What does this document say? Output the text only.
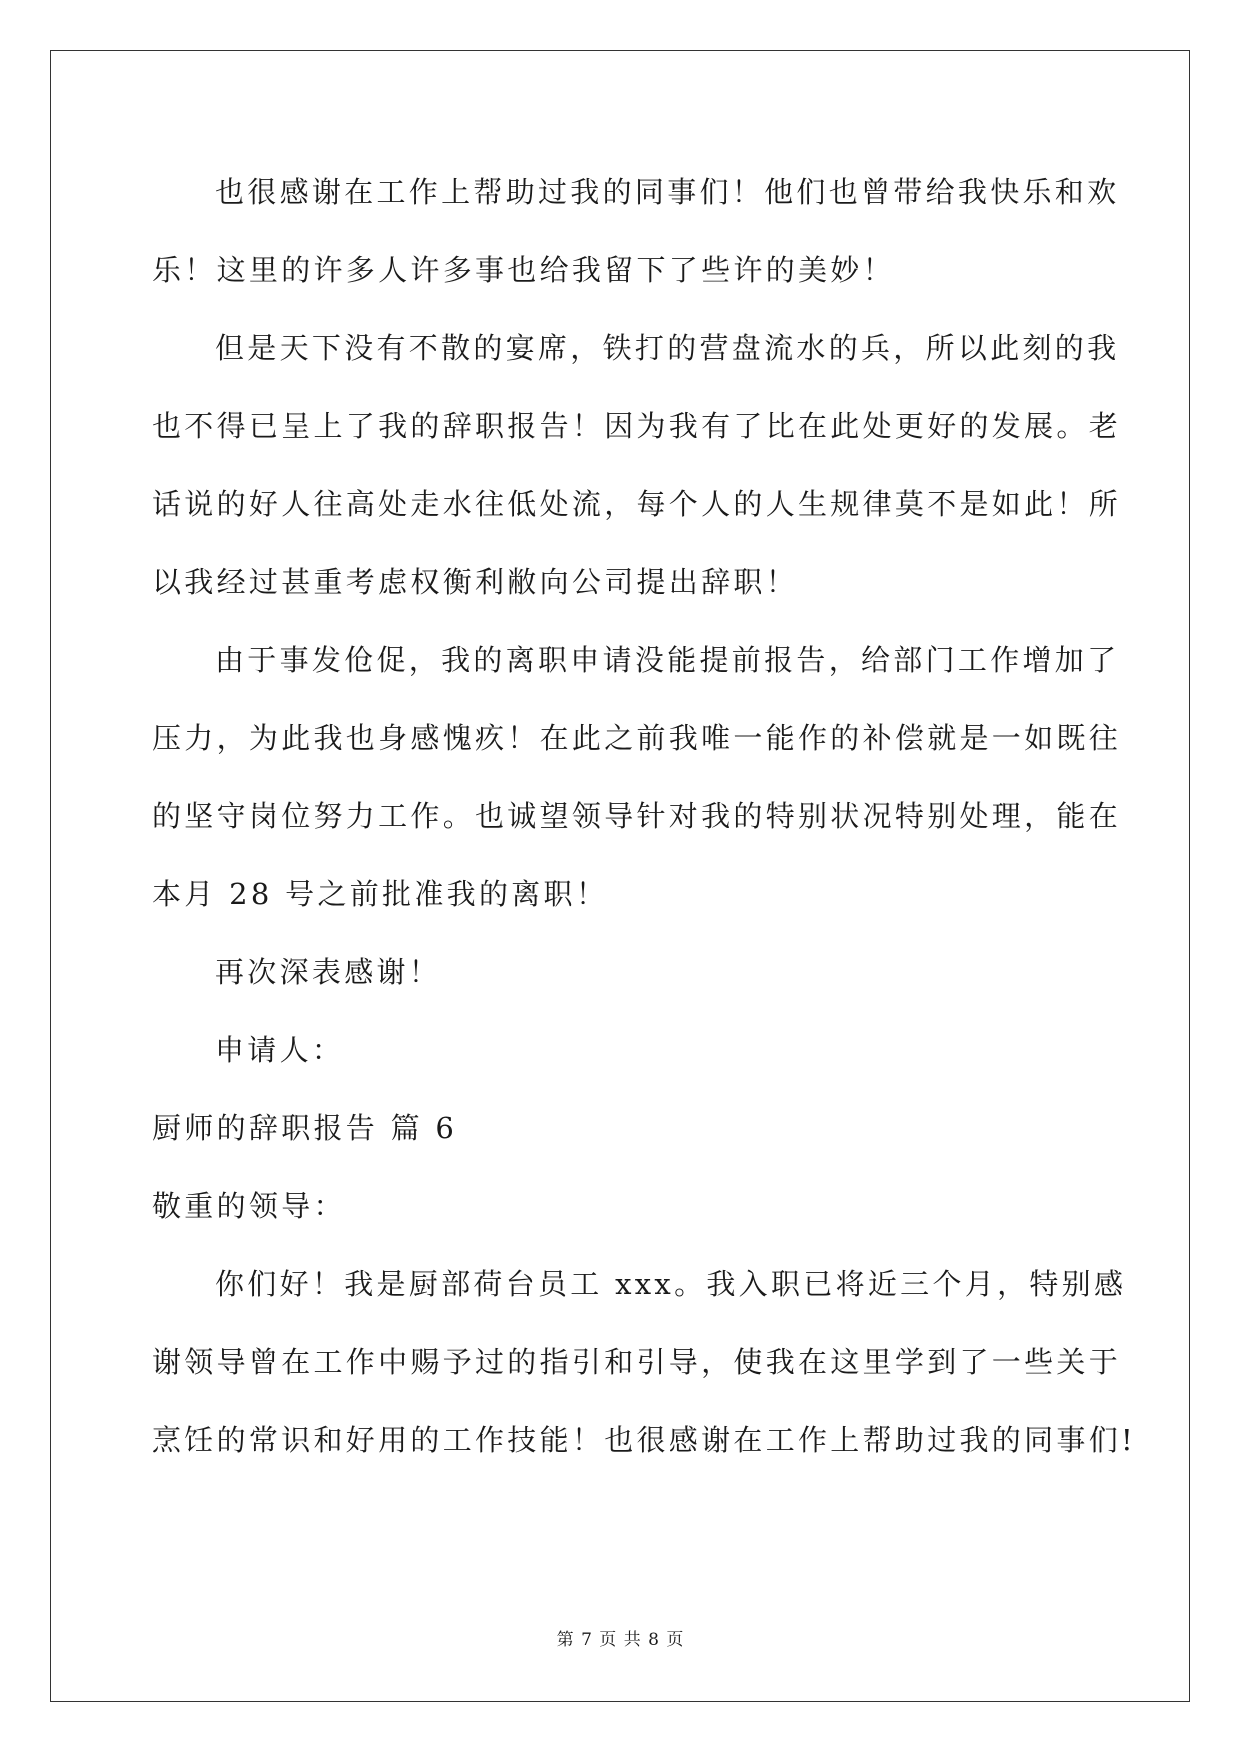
也很感谢在工作上帮助过我的同事们！他们也曾带给我快乐和欢
乐！这里的许多人许多事也给我留下了些许的美妙！
但是天下没有不散的宴席，铁打的营盘流水的兵，所以此刻的我
也不得已呈上了我的辞职报告！因为我有了比在此处更好的发展。老
话说的好人往高处走水往低处流，每个人的人生规律莫不是如此！所
以我经过甚重考虑权衡利敝向公司提出辞职！
由于事发伧促，我的离职申请没能提前报告，给部门工作增加了
压力，为此我也身感愧疚！在此之前我唯一能作的补偿就是一如既往
的坚守岗位努力工作。也诚望领导针对我的特别状况特别处理，能在
本月 28 号之前批准我的离职！
再次深表感谢！
申请人：
厨师的辞职报告 篇 6
敬重的领导：
你们好！我是厨部荷台员工 xxx。我入职已将近三个月，特别感
谢领导曾在工作中赐予过的指引和引导，使我在这里学到了一些关于
烹饪的常识和好用的工作技能！也很感谢在工作上帮助过我的同事们!
第 7 页 共 8 页
